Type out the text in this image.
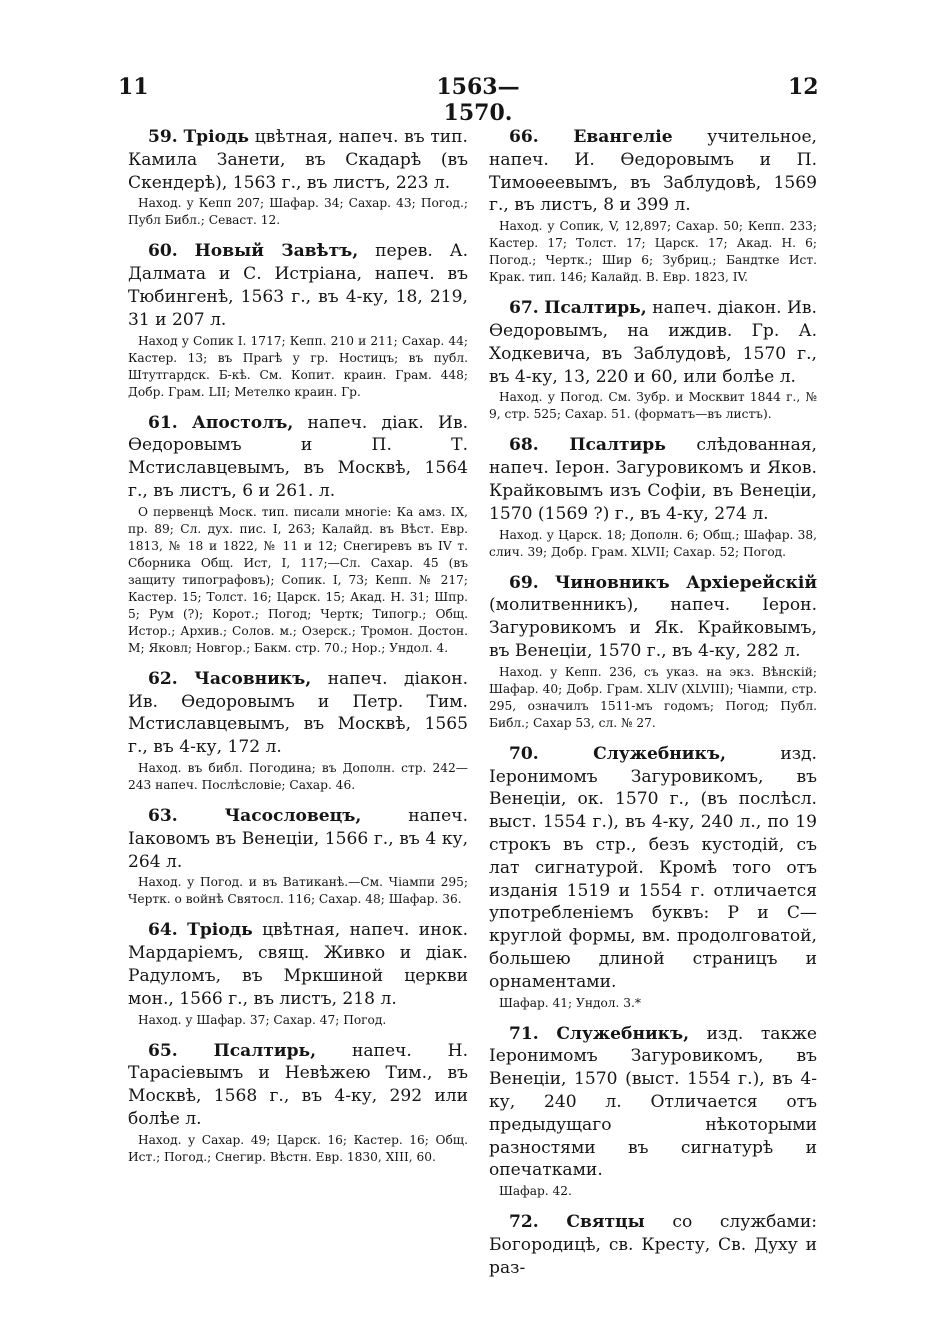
11	1563—1570.
12

59. Тріодь цвѣтная, напеч. въ тип. Камила Занети, въ Скадарѣ (въ Скендерѣ), 1563 г., въ листъ, 223 л.

Наход. у Кепп 207; Шафар. 34; Сахар. 43; Погод.; Публ Библ.; Севаст. 12.

60. Новый Завѣтъ, перев. А. Далмата и С. Истріана, напеч. въ Тюбингенѣ, 1563 г., въ 4-ку, 18, 219, 31 и 207 л.

Наход у Сопик I. 1717; Кепп. 210 и 211; Сахар. 44; Кастер. 13; въ Прагѣ у гр. Ностицъ; въ публ. Штутгардск. Б-кѣ. См. Копит. краин. Грам. 448; Добр. Грам. LII; Метелко краин. Гр.

61. Апостолъ, напеч. діак. Ив. Өедоровымъ и П. Т. Мстиславцевымъ, въ Москвѣ, 1564 г., въ листъ, 6 и 261. л.

О первенцѣ Моск. тип. писали многіе: Ка амз. IX, пр. 89; Сл. дух. пис. I, 263; Калайд. въ Вѣст. Евр. 1813, № 18 и 1822, № 11 и 12; Снегиревъ въ IV т. Сборника Общ. Ист, I, 117;—Сл. Сахар. 45 (въ защиту типографовъ); Сопик. I, 73; Кепп. № 217; Кастер. 15; Толст. 16; Царск. 15; Акад. Н. 31; Шпр. 5; Рум (?); Корот.; Погод; Чертк; Типогр.; Общ. Истор.; Архив.; Солов. м.; Озерск.; Тромон. Достон. М; Яковл; Новгор.; Бакм. стр. 70.; Нор.; Ундол. 4.

62. Часовникъ, напеч. діакон. Ив. Өедоровымъ и Петр. Тим. Мстиславцевымъ, въ Москвѣ, 1565 г., въ 4-ку, 172 л.

Наход. въ библ. Погодина; въ Дополн. стр. 242—243 напеч. Послѣсловіе; Сахар. 46.

63.	Часословецъ,	напеч. Іаковомъ въ Венеціи, 1566 г., въ 4 ку, 264 л.

Наход. у Погод. и въ Ватиканѣ.—См. Чіампи 295; Чертк. о войнѣ Святосл. 116; Сахар. 48; Шафар. 36.

64. Тріодь цвѣтная, напеч. инок. Мардаріемъ, свящ. Живко и діак. Радуломъ, въ Мркшиной церкви мон., 1566 г., въ листъ, 218 л.

Наход. у Шафар. 37; Сахар. 47; Погод.

65. Псалтирь, напеч. Н. Тарасіевымъ и Невѣжею Тим., въ Москвѣ, 1568 г., въ 4-ку, 292 или болѣе л.

Наход. у Сахар. 49; Царск. 16; Кастер. 16; Общ. Ист.; Погод.; Снегир. Вѣстн. Евр. 1830, XIII, 60.

66. Евангеліе учительное, напеч. И. Өедоровымъ и П. Тимоѳеевымъ, въ Заблудовѣ, 1569 г., въ листъ, 8 и 399 л.

Наход. у Сопик, V, 12,897; Сахар. 50; Кепп. 233; Кастер. 17; Толст. 17; Царск. 17; Акад. Н. 6; Погод.; Чертк.; Шир 6; Зубриц.; Бандтке Ист. Крак. тип. 146; Калайд. В. Евр. 1823, IV.

67. Псалтирь, напеч. діакон. Ив. Өедоровымъ, на иждив. Гр. А. Ходкевича, въ Заблудовѣ, 1570 г., въ 4-ку, 13, 220 и 60, или болѣе л.

Наход. у Погод. См. Зубр. и Москвит 1844 г., № 9, стр. 525; Сахар. 51. (форматъ—въ листъ).

68. Псалтирь слѣдованная, напеч. Іерон. Загуровикомъ и Яков. Крайковымъ изъ Софіи, въ Венеціи, 1570 (1569 ?) г., въ 4-ку, 274 л.

Наход. у Царск. 18; Дополн. 6; Общ.; Шафар. 38, слич. 39; Добр. Грам. XLVII; Сахар. 52; Погод.

69. Чиновникъ Архіерейскій (молитвенникъ), напеч. Іерон. Загуровикомъ и Як. Крайковымъ, въ Венеціи, 1570 г., въ 4-ку, 282 л.

Наход. у Кепп. 236, съ указ. на экз. Вѣнскій; Шафар. 40; Добр. Грам. XLIV (XLVIII); Чіампи, стр. 295, означилъ 1511-мъ годомъ; Погод; Публ. Библ.; Сахар 53, сл. № 27.

70.	Служебникъ,	изд. Іеронимомъ Загуровикомъ, въ Венеціи, ок. 1570 г., (въ послѣсл. выст. 1554 г.), въ 4-ку, 240 л., по 19 строкъ въ стр., безъ кустодій, съ лат сигнатурой. Кромѣ того отъ изданія 1519 и 1554 г. отличается употребленіемъ буквъ: Р и С—круглой формы, вм. продолговатой, большею длиной страницъ и орнаментами.

Шафар. 41; Ундол. 3.*

71. Служебникъ, изд. также Іеронимомъ Загуровикомъ, въ Венеціи, 1570 (выст. 1554 г.), въ 4-ку, 240 л. Отличается отъ предыдущаго нѣкоторыми разностями въ сигнатурѣ и опечатками.

Шафар. 42.

72. Святцы со службами: Богородицѣ, св. Кресту, Св. Духу и раз-
